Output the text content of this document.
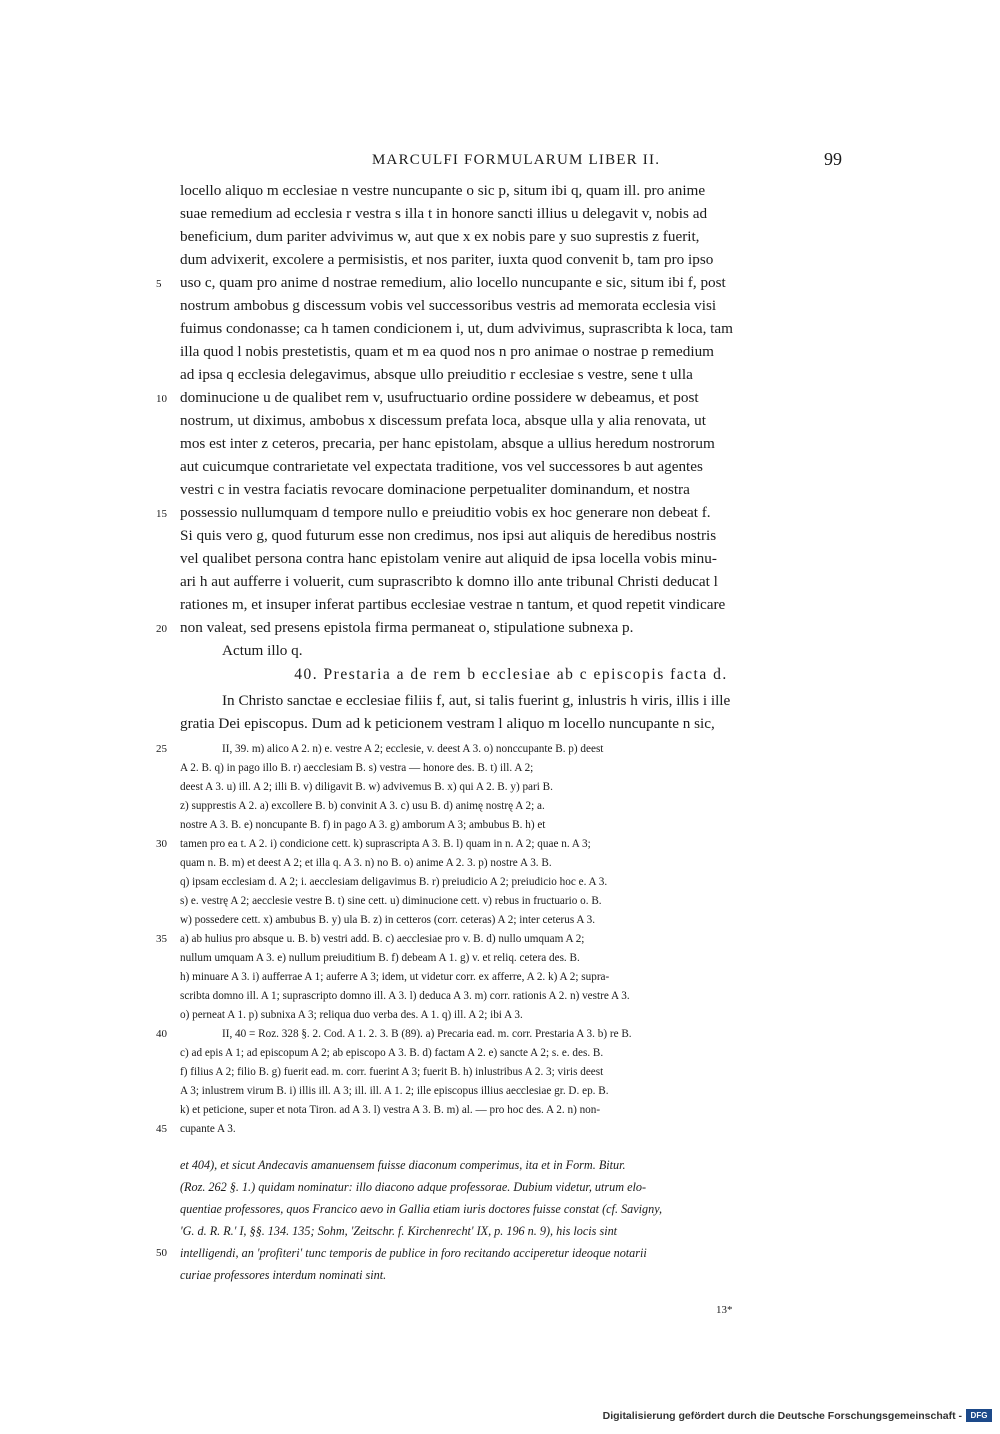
MARCULFI FORMULARUM LIBER II.	99
locello aliquo m ecclesiae n vestre nuncupante o sic p, situm ibi q, quam ill. pro anime
suae remedium ad ecclesia r vestra s illa t in honore sancti illius u delegavit v, nobis ad
beneficium, dum pariter advivimus w, aut que x ex nobis pare y suo suprestis z fuerit,
dum advixerit, excolere a permisistis, et nos pariter, iuxta quod convenit b, tam pro ipso
uso c, quam pro anime d nostrae remedium, alio locello nuncupante e sic, situm ibi f, post
nostrum ambobus g discessum vobis vel successoribus vestris ad memorata ecclesia visi
fuimus condonasse; ca h tamen condicionem i, ut, dum advivimus, suprascribta k loca, tam
illa quod l nobis prestetistis, quam et m ea quod nos n pro animae o nostrae p remedium
ad ipsa q ecclesia delegavimus, absque ullo preiuditio r ecclesiae s vestre, sene t ulla
dominucione u de qualibet rem v, usufructuario ordine possidere w debeamus, et post
nostrum, ut diximus, ambobus x discessum prefata loca, absque ulla y alia renovata, ut
mos est inter z ceteros, precaria, per hanc epistolam, absque a ullius heredum nostrorum
aut cuicumque contrarietate vel expectata traditione, vos vel successores b aut agentes
vestri c in vestra faciatis revocare dominacione perpetualiter dominandum, et nostra
possessio nullumquam d tempore nullo e preiuditio vobis ex hoc generare non debeat f.
Si quis vero g, quod futurum esse non credimus, nos ipsi aut aliquis de heredibus nostris
vel qualibet persona contra hanc epistolam venire aut aliquid de ipsa locella vobis minu-
ari h aut aufferre i voluerit, cum suprascribto k domno illo ante tribunal Christi deducat l
rationes m, et insuper inferat partibus ecclesiae vestrae n tantum, et quod repetit vindicare
non valeat, sed presens epistola firma permaneat o, stipulatione subnexa p.
Actum illo q.
5
10
15
20
40. Prestaria a de rem b ecclesiae ab c episcopis facta d.
In Christo sanctae e ecclesiae filiis f, aut, si talis fuerint g, inlustris h viris, illis i ille
gratia Dei episcopus. Dum ad k peticionem vestram l aliquo m locello nuncupante n sic,
II, 39. m) alico A 2. n) e. vestre A 2; ecclesie, v. deest A 3. o) nonccupante B. p) deest
A 2. B. q) in pago illo B. r) aecclesiam B. s) vestra — honore des. B. t) ill. A 2;
deest A 3. u) ill. A 2; illi B. v) diligavit B. w) advivemus B. x) qui A 2. B. y) pari B.
z) supprestis A 2. a) excollere B. b) convinit A 3. c) usu B. d) animę nostrę A 2; a.
nostre A 3. B. e) noncupante B. f) in pago A 3. g) amborum A 3; ambubus B. h) et
tamen pro ea t. A 2. i) condicione cett. k) suprascripta A 3. B. l) quam in n. A 2; quae n. A 3;
quam n. B. m) et deest A 2; et illa q. A 3. n) no B. o) anime A 2. 3. p) nostre A 3. B.
q) ipsam ecclesiam d. A 2; i. aecclesiam deligavimus B. r) preiudicio A 2; preiudicio hoc e. A 3.
s) e. vestrę A 2; aecclesie vestre B. t) sine cett. u) diminucione cett. v) rebus in fructuario o. B.
w) possedere cett. x) ambubus B. y) ula B. z) in cetteros (corr. ceteras) A 2; inter ceterus A 3.
a) ab hulius pro absque u. B. b) vestri add. B. c) aecclesiae pro v. B. d) nullo umquam A 2;
nullum umquam A 3. e) nullum preiuditium B. f) debeam A 1. g) v. et reliq. cetera des. B.
h) minuare A 3. i) aufferrae A 1; auferre A 3; idem, ut videtur corr. ex afferre, A 2. k) A 2; supra-
scribta domno ill. A 1; suprascripto domno ill. A 3. l) deduca A 3. m) corr. rationis A 2. n) vestre A 3.
o) perneat A 1. p) subnixa A 3; reliqua duo verba des. A 1. q) ill. A 2; ibi A 3.
II, 40 = Roz. 328 §. 2. Cod. A 1. 2. 3. B (89). a) Precaria ead. m. corr. Prestaria A 3. b) re B.
c) ad epis A 1; ad episcopum A 2; ab episcopo A 3. B. d) factam A 2. e) sancte A 2; s. e. des. B.
f) filius A 2; filio B. g) fuerit ead. m. corr. fuerint A 3; fuerit B. h) inlustribus A 2. 3; viris deest
A 3; inlustrem virum B. i) illis ill. A 3; ill. ill. A 1. 2; ille episcopus illius aecclesiae gr. D. ep. B.
k) et peticione, super et nota Tiron. ad A 3. l) vestra A 3. B. m) al. — pro hoc des. A 2. n) non-
cupante A 3.
25
30
35
40
45
et 404), et sicut Andecavis amanuensem fuisse diaconum comperimus, ita et in Form. Bitur.
(Roz. 262 §. 1.) quidam nominatur: illo diacono adque professorae. Dubium videtur, utrum elo-
quentiae professores, quos Francico aevo in Gallia etiam iuris doctores fuisse constat (cf. Savigny,
'G. d. R. R.' I, §§. 134. 135; Sohm, 'Zeitschr. f. Kirchenrecht' IX, p. 196 n. 9), his locis sint
intelligendi, an 'profiteri' tunc temporis de publice in foro recitando acciperetur ideoque notarii
curiae professores interdum nominati sint.
50
13*
Digitalisierung gefördert durch die Deutsche Forschungsgemeinschaft -	DFG
